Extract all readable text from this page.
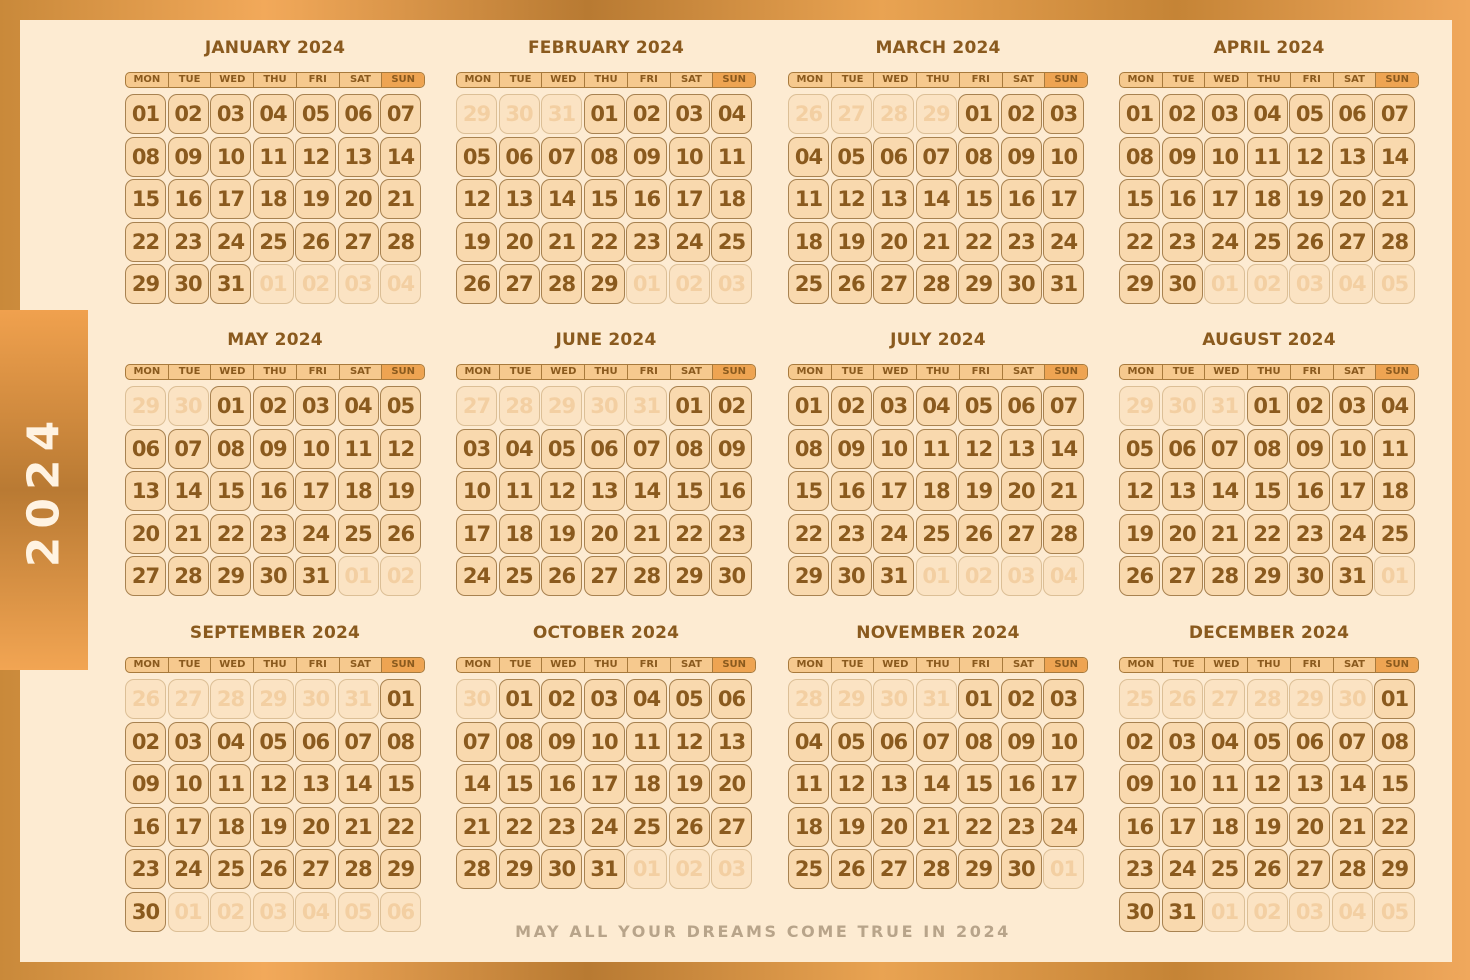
2024
JANUARY 2024
MON	TUE	WED	THU	FRI	SAT	SUN
01 02 03 04 05 06 07
08 09 10 11 12 13 14
15 16 17 18 19 20 21
22 23 24 25 26 27 28
29 30 31 01 02 03 04
FEBRUARY 2024
MON	TUE	WED	THU	FRI	SAT	SUN
29 30 31 01 02 03 04
05 06 07 08 09 10 11
12 13 14 15 16 17 18
19 20 21 22 23 24 25
26 27 28 29 01 02 03
MARCH 2024
MON	TUE	WED	THU	FRI	SAT	SUN
26 27 28 29 01 02 03
04 05 06 07 08 09 10
11 12 13 14 15 16 17
18 19 20 21 22 23 24
25 26 27 28 29 30 31
APRIL 2024
MON	TUE	WED	THU	FRI	SAT	SUN
01 02 03 04 05 06 07
08 09 10 11 12 13 14
15 16 17 18 19 20 21
22 23 24 25 26 27 28
29 30 01 02 03 04 05
MAY 2024
MON	TUE	WED	THU	FRI	SAT	SUN
29 30 01 02 03 04 05
06 07 08 09 10 11 12
13 14 15 16 17 18 19
20 21 22 23 24 25 26
27 28 29 30 31 01 02
JUNE 2024
MON	TUE	WED	THU	FRI	SAT	SUN
27 28 29 30 31 01 02
03 04 05 06 07 08 09
10 11 12 13 14 15 16
17 18 19 20 21 22 23
24 25 26 27 28 29 30
JULY 2024
MON	TUE	WED	THU	FRI	SAT	SUN
01 02 03 04 05 06 07
08 09 10 11 12 13 14
15 16 17 18 19 20 21
22 23 24 25 26 27 28
29 30 31 01 02 03 04
AUGUST 2024
MON	TUE	WED	THU	FRI	SAT	SUN
29 30 31 01 02 03 04
05 06 07 08 09 10 11
12 13 14 15 16 17 18
19 20 21 22 23 24 25
26 27 28 29 30 31 01
SEPTEMBER 2024
MON	TUE	WED	THU	FRI	SAT	SUN
26 27 28 29 30 31 01
02 03 04 05 06 07 08
09 10 11 12 13 14 15
16 17 18 19 20 21 22
23 24 25 26 27 28 29
30 01 02 03 04 05 06
OCTOBER 2024
MON	TUE	WED	THU	FRI	SAT	SUN
30 01 02 03 04 05 06
07 08 09 10 11 12 13
14 15 16 17 18 19 20
21 22 23 24 25 26 27
28 29 30 31 01 02 03
NOVEMBER 2024
MON	TUE	WED	THU	FRI	SAT	SUN
28 29 30 31 01 02 03
04 05 06 07 08 09 10
11 12 13 14 15 16 17
18 19 20 21 22 23 24
25 26 27 28 29 30 01
DECEMBER 2024
MON	TUE	WED	THU	FRI	SAT	SUN
25 26 27 28 29 30 01
02 03 04 05 06 07 08
09 10 11 12 13 14 15
16 17 18 19 20 21 22
23 24 25 26 27 28 29
30 31 01 02 03 04 05
MAY ALL YOUR DREAMS COME TRUE IN 2024
